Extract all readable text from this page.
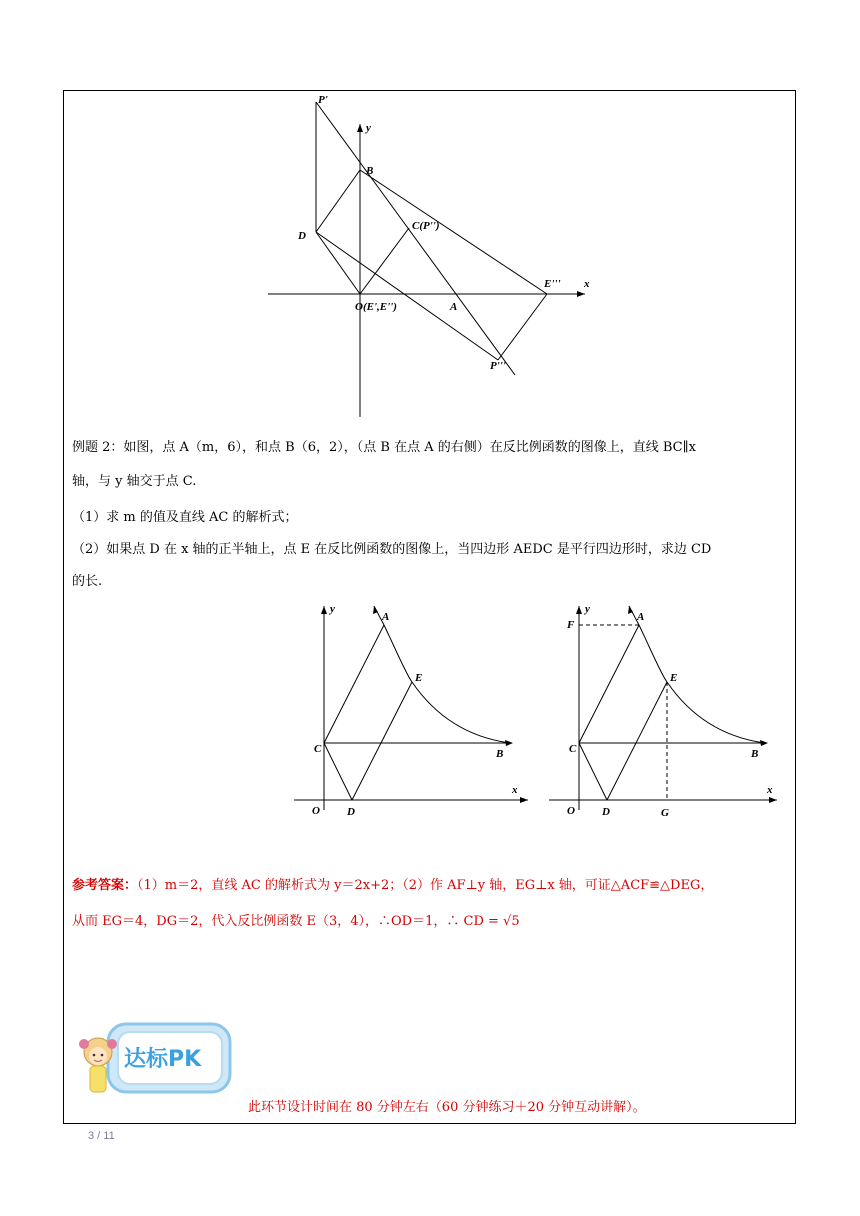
P'
y
B
D
C(P'')
E''' x
O(E',E'')	A
P'''
例题 2：如图，点 A（m，6），和点 B（6，2），（点 B 在点 A 的右侧）在反比例函数的图像上，直线 BC∥x
轴，与 y 轴交于点 C.
（1）求 m 的值及直线 AC 的解析式；
（2）如果点 D 在 x 轴的正半轴上，点 E 在反比例函数的图像上，当四边形 AEDC 是平行四边形时，求边 CD
的长.
y
A
E
C	B
x
O D
y
F
A
E
C	B
x
O D	G
参考答案：（1）m＝2，直线 AC 的解析式为 y＝2x+2；（2）作 AF⊥y 轴，EG⊥x 轴，可证△ACF≌△DEG，
从而 EG＝4，DG＝2，代入反比例函数 E（3，4），∴OD＝1，∴ CD = √5
达标PK
此环节设计时间在 80 分钟左右（60 分钟练习＋20 分钟互动讲解）。
3 / 11
